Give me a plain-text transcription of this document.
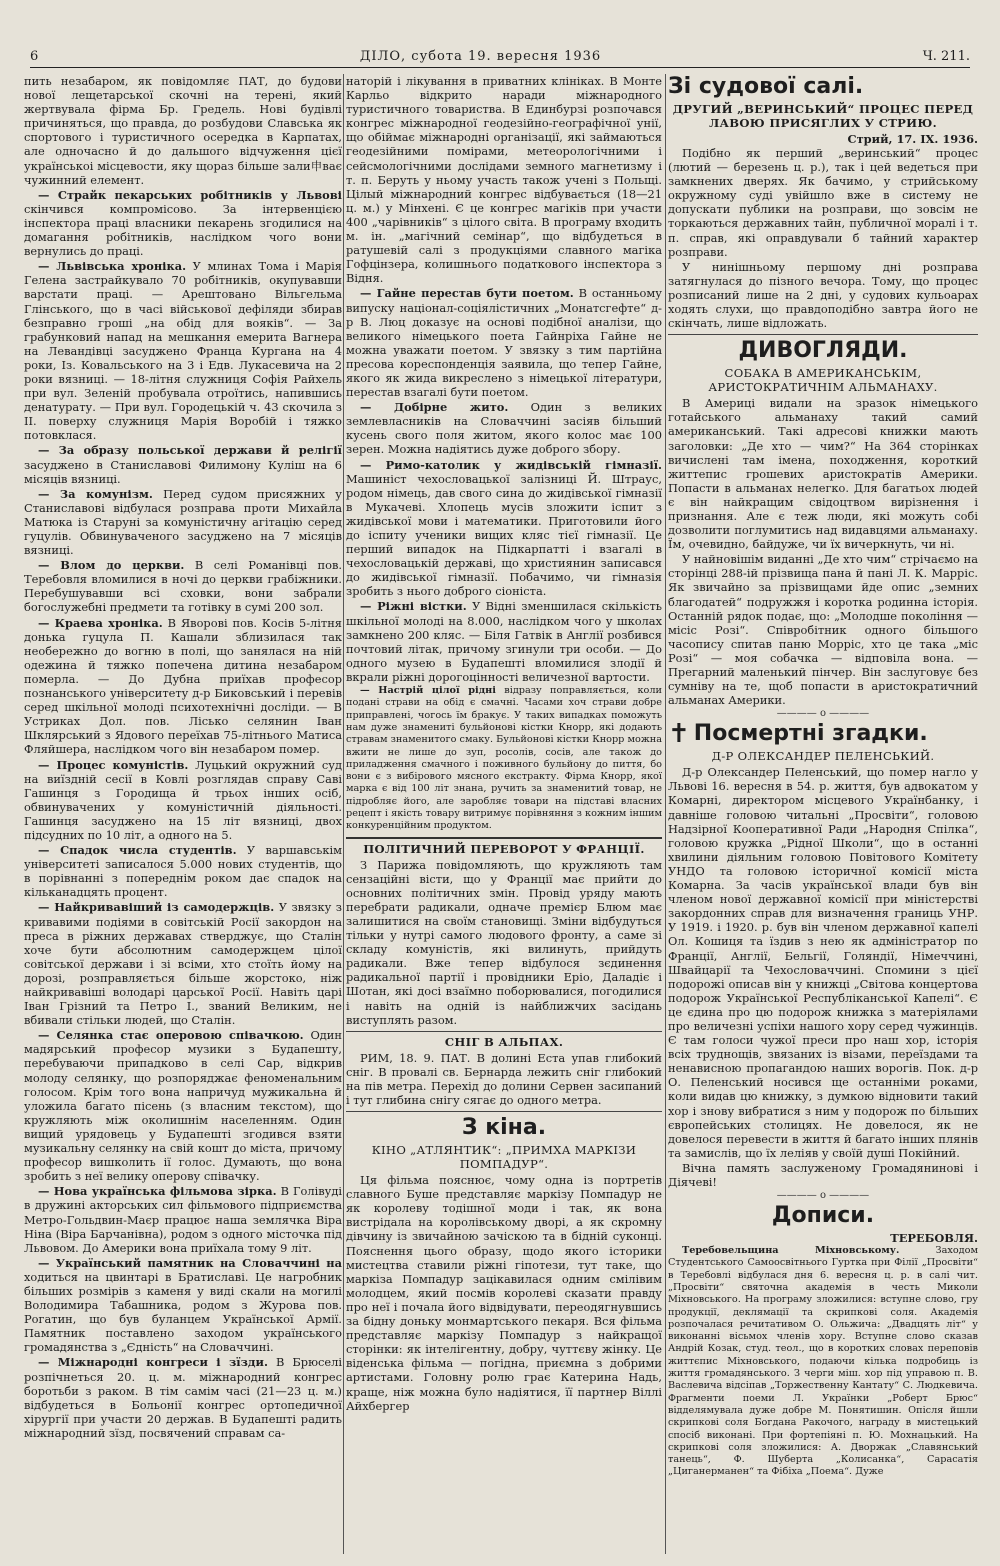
6	ДІЛО, субота 19. вересня 1936	Ч. 211.

пить незабаром, як повідомляє ПАТ, до будови нової лещетарської скочні на терені, який жертвувала фірма Бр. Гредель. Нові будівлі причиняться, що правда, до розбудови Славська як спортового і туристичного осередка в Карпатах, але одночасно й до дальшого відчуження цієї українськоі місцевости, яку щораз більше зали申ває чужинний елемент.

— Страйк пекарських робітників у Львові скінчився компромісово. За інтервенцією інспектора праці власники пекарень згодилися на домагання робітників, наслідком чого вони вернулись до праці.

— Львівська хроніка. У млинах Тома і Марія Гелена застрайкувало 70 робітників, окупувавши варстати праці. — Арештовано Вільгельма Глінського, що в часі військової дефіляди збирав безправно гроші „на обід для вояків“. — За грабунковий напад на мешкання емерита Вагнера на Левандівці засуджено Франца Кургана на 4 роки, Із. Ковальського на 3 і Едв. Лукасевича на 2 роки вязниці. — 18-літня служниця Софія Райхель при вул. Зеленій пробувала отроїтись, напившись денатурату. — При вул. Городецькій ч. 43 скочила з II. поверху служниця Марія Воробій і тяжко потовклася.

— За образу польської держави й релігії засуджено в Станиславові Филимону Куліш на 6 місяців вязниці.

— За комунізм. Перед судом присяжних у Станиславові відбулася розправа проти Михайла Матюка із Старуні за комуністичну агітацію серед гуцулів. Обвинуваченого засуджено на 7 місяців вязниці.

— Влом до церкви. В селі Романівці пов. Теребовля вломилися в ночі до церкви грабіжники. Перебушувавши всі сховки, вони забрали богослужебні предмети та готівку в сумі 200 зол.

— Краева хроніка. В Яворові пов. Косів 5-літня донька гуцула П. Кашали зблизилася так необережно до вогню в полі, що занялася на ній одежина й тяжко попечена дитина незабаром померла. — До Дубна приїхав професор познанського університету д-р Биковський і перевів серед шкільної молоді психотехнічні досліди. — В Устриках Дол. пов. Лісько селянин Іван Шклярський з Ядового переїхав 75-літнього Матиса Фляйшера, наслідком чого він незабаром помер.

— Процес комуністів. Луцький окружний суд на виїздній сесії в Ковлі розглядав справу Саві Гашинця з Городища й трьох інших осіб, обвинувачених у комуністичній діяльності. Гашинця засуджено на 15 літ вязниці, двох підсудних по 10 літ, а одного на 5.

— Спадок числа студентів. У варшавськім університеті записалося 5.000 нових студентів, що в порівнанні з попереднім роком дає спадок на кільканадцять процент.

— Найкривавіший із самодержців. У звязку з кривавими подіями в совітській Росії закордон на преса в ріжних державах стверджує, що Сталін хоче бути абсолютним самодержцем цілої совітської держави і зі всіми, хто стоїть йому на дорозі, розправляється більше жорстоко, ніж найкривавіші володарі царської Росії. Навіть царі Іван Грізний та Петро І., званий Великим, не вбивали стільки людей, що Сталін.

— Селянка стає оперовою співачкою. Один мадярський професор музики з Будапешту, перебуваючи припадково в селі Сар, відкрив молоду селянку, що розпоряджає феноменальним голосом. Крім того вона напричуд мужикальна й уложила багато пісень (з власним текстом), що кружляють між околишнім населенням. Один вищий урядовець у Будапешті згодився взяти музикальну селянку на свій кошт до міста, причому професор вишколить ії голос. Думають, що вона зробить з неї велику оперову співачку.

— Нова українська фільмова зірка. В Голівуді в дружині акторських сил фільмового підприємства Метро-Гольдвин-Маєр працює наша землячка Віра Ніна (Віра Барчанівна), родом з одного місточка під Львовом. До Америки вона приїхала тому 9 літ.

— Український памятник на Словаччині на ходиться на цвинтарі в Братиславі. Це нагробник більших розмірів з каменя у виді скали на могилі Володимира Табашника, родом з Журова пов. Рогатин, що був буланцем Української Армії. Памятник поставлено заходом українського громадянства з „Єдність“ на Словаччині.

— Міжнародні конгреси і зїзди. В Брюселі розпічнеться 20. ц. м. міжнародний конгрес боротьби з раком. В тім самім часі (21—23 ц. м.) відбудеться в Больонії конгрес ортопедичної хірургії при участи 20 держав. В Будапешті радить міжнародний зїзд, посвячений справам са-

наторій і лікування в приватних клініках. В Монте Карльо відкрито наради міжнародного туристичного товариства. В Единбурзі розпочався конгрес міжнародної геодезійно-географічної унії, що обіймає міжнародні організації, які займаються геодезійними помірами, метеорологічними і сейсмологічними дослідами земного магнетизму і т. п. Беруть у ньому участь також учені з Польщі. Цілый міжнародний конгрес відбувається (18—21 ц. м.) у Мінхені. Є це конгрес магіків при участи 400 „чарівників“ з цілого світа. В програму входить м. ін. „магічний семінар“, що відбудеться в ратушевій салі з продукціями славного магіка Гофцінзера, колишнього податкового інспектора з Відня.

— Гайне перестав бути поетом. В останньому випуску націонал-соціялістичних „Монатсгефте“ д-р В. Люц доказує на основі подібної аналізи, що великого німецького поета Гайнріха Гайне не можна уважати поетом. У звязку з тим партійна пресова кореспонденція заявила, що тепер Гайне, якого як жида викреслено з німецької літератури, перестав взагалі бути поетом.

— Добірне жито. Один з великих землевласників на Словаччині засіяв більший кусень свого поля житом, якого колос має 100 зерен. Можна надіятись дуже доброго збору.

— Римо-католик у жидівській гімназії. Машиніст чехословацької залізниці Й. Штраус, родом німець, дав свого сина до жидівської гімназії в Мукачеві. Хлопець мусів зложити іспит з жидівської мови і математики. Приготовили його до іспиту ученики вищих кляс тієї гімназії. Це перший випадок на Підкарпатті і взагалі в чехословацькій державі, що християнин записався до жидівської гімназії. Побачимо, чи гімназія зробить з нього доброго сіоніста.

— Ріжні вістки. У Відні зменшилася скількість шкільної молоді на 8.000, наслідком чого у школах замкнено 200 кляс. — Біля Гатвік в Англії розбився почтовий літак, причому згинули три особи. — До одного музею в Будапешті вломилися злодії й вкрали ріжні дорогоцінності величезної вартости.

— Настрій цілої рідні відразу поправляється, коли подані страви на обід є смачні. Часами хоч страви добре приправлені, чогось їм бракує. У таких випадках поможуть нам дуже знамениті бульйонові кістки Кнорр, які додають стравам знаменитого смаку. Бульйонові кістки Кнорр можна вжити не лише до зуп, росолів, сосів, але також до приладження смачного і поживного бульйону до пиття, бо вони є з вибірового мясного екстракту. Фірма Кнорр, якої марка є від 100 літ знана, ручить за знаменитий товар, не підробляє його, але заробляє товари на підставі власних рецепт і якість товару витримує порівняння з кожним іншим конкуренційним продуктом.

ПОЛІТИЧНИЙ ПЕРЕВОРОТ У ФРАНЦІЇ.

З Парижа повідомляють, що кружляють там сензаційні вісти, що у Франції має прийти до основних політичних змін. Провід уряду мають перебрати радикали, одначе премієр Блюм має залишитися на своїм становищі. Зміни відбудуться тільки у нутрі самого людового фронту, а саме зі складу комуністів, які вилинуть, прийдуть радикали. Вже тепер відбулося зєдинення радикальної партії і провідники Еріо, Даладіє і Шотан, які досі взаїмно поборювалися, погодилися і навіть на одній із найближчих засідань виступлять разом.

СНІГ В АЛЬПАХ.

РИМ, 18. 9. ПАТ. В долині Еста упав глибокий сніг. В провалі св. Бернарда лежить сніг глибокий на пів метра. Перехід до долини Сервен засипаний і тут глибина снігу сягає до одного метра.

З кіна.
КІНО „АТЛЯНТИК“: „ПРИМХА МАРКІЗИ ПОМПАДУР“.

Ця фільма пояснює, чому одна із портретів славного Буше представляє маркізу Помпадур не як королеву тодішної моди і так, як вона вистрідала на королівському дворі, а як скромну дівчину із звичайною зачіскою та в бідній суконці. Пояснення цього образу, щодо якого історики мистецтва ставили ріжні гіпотези, тут таке, що маркіза Помпадур зацікавилася одним смілівим молодцем, який посмів королеві сказати правду про неї і почала його відвідувати, переодягнувшись за бідну доньку монмартського пекаря. Вся фільма представляє маркізу Помпадур з найкращої сторінки: як інтелігентну, добру, чуттєву жінку. Це віденська фільма — погідна, приємна з добрими артистами. Головну ролю грає Катерина Надь, краще, ніж можна було надіятися, її партнер Віллі Айхбергер

Зі судової салі.
ДРУГИЙ „ВЕРИНСЬКИЙ“ ПРОЦЕС ПЕРЕД ЛАВОЮ ПРИСЯГЛИХ У СТРИЮ.
Стрий, 17. IX. 1936.

Подібно як перший „веринський“ процес (лютий — березень ц. р.), так і цей ведеться при замкнених дверях. Як бачимо, у стрийському окружному суді увійшло вже в систему не допускати публики на розправи, що зовсім не торкаються державних тайн, публичної моралі і т. п. справ, які оправдували б тайний характер розправи.

У нинішньому першому дні розправа затягнулася до пізного вечора. Тому, що процес розписаний лише на 2 дні, у судових кульоарах ходять слухи, що правдоподібно завтра його не скінчать, лише відложать.

ДИВОГЛЯДИ.
СОБАКА В АМЕРИКАНСЬКІМ, АРИСТОКРАТИЧНІМ АЛЬМАНАХУ.

В Америці видали на зразок німецького готайського альманаху такий самий американський. Такі адресові книжки мають заголовки: „Де хто — чим?“ На 364 сторінках вичислені там імена, походження, короткий життепис грошевих аристократів Америки. Попасти в альманах нелегко. Для багатьох людей є він найкращим свідоцтвом вирізнення і признання. Але є теж люди, які можуть собі дозволити поглумитись над видавцями альманаху. Їм, очевидно, байдуже, чи їх вичеркнуть, чи ні.

У найновішім виданні „Де хто чим“ стрічаємо на сторінці 288-ій прізвища пана й пані Л. К. Марріс. Як звичайно за прізвищами йде опис „земних благодатей“ подружжя і коротка родинна історія. Останній рядок подає, що: „Молодше покоління — місіс Розі“. Співробітник одного більшого часопису спитав паню Морріс, хто це така „міс Розі“ — моя собачка — відповіла вона. — Прегарний маленький пінчер. Він заслуговує без сумніву на те, щоб попасти в аристократичний альманах Америки.

———— o ————
✝ Посмертні згадки.
Д-Р ОЛЕКСАНДЕР ПЕЛЕНСЬКИЙ.

Д-р Олександер Пеленський, що помер нагло у Львові 16. вересня в 54. р. життя, був адвокатом у Комарні, директором місцевого Українбанку, і давніше головою читальні „Просвіти“, головою Надзірної Кооперативної Ради „Народня Спілка“, головою кружка „Рідної Школи“, що в останні хвилини діяльним головою Повітового Комітету УНДО та головою історичної комісії міста Комарна. За часів української влади був він членом нової державної комісії при міністерстві закордонних справ для визначення границь УНР. У 1919. і 1920. р. був він членом державної капелі Ол. Кошиця та їздив з нею як адміністратор по Франції, Англії, Бельгії, Голяндії, Німеччині, Швайцарії та Чехословаччині. Спомини з цієї подорожі описав він у книжці „Світова концертова подорож Української Республіканської Капелі“. Є це єдина про цю подорож книжка з матеріялами про величезні успіхи нашого хору серед чужинців. Є там голоси чужої преси про наш хор, історія всіх труднощів, звязаних із візами, переїздами та ненависною пропагандою наших ворогів. Пок. д-р О. Пеленський носився ще останніми роками, коли видав цю книжку, з думкою відновити такий хор і знову вибратися з ним у подорож по більших європейських столицях. Не довелося, як не довелося перевести в життя й багато інших плянів та замислів, що їх леліяв у своїй душі Покійний.

Вічна память заслуженому Громадянинові і Діячеві!

———— o ————
Дописи.
ТЕРЕБОВЛЯ.

Теребовельщина Міхновському.	Заходом Студентського Самоосвітнього Гуртка при Філії „Просвіти“ в Теребовлі відбулася дня 6. вересня ц. р. в салі чит. „Просвіти“ святочна академія в честь Миколи Міхновського. На програму зложилися: вступне слово, гру продукції, деклямації та скрипкові соля. Академія розпочалася речитативом О. Ольжича: „Двадцять літ“ у виконанні вісьмох членів хору. Вступне слово сказав Андрій Козак, студ. теол., що в коротких словах переповів життєпис Міхновського, подаючи кілька подробиць із життя громадянського. З черги міш. хор під управою п. В. Васлевича відсіпав „Торжественну Кантату“ С. Людкевича. Фрагменти поеми Л. Українки „Роберт Брюс“ відделямувала дуже добре М. Понятишин. Опісля йшли скрипкові соля Богдана Ракочого, награду в мистецький спосіб виконані. При фортепіяні п. Ю. Мохнацький. На скрипкові соля зложилися: А. Дворжак „Славянський танець“, Ф. Шуберта „Колисанка“, Сарасатія „Циганерманен“ та Фібіха „Поема“. Дуже
